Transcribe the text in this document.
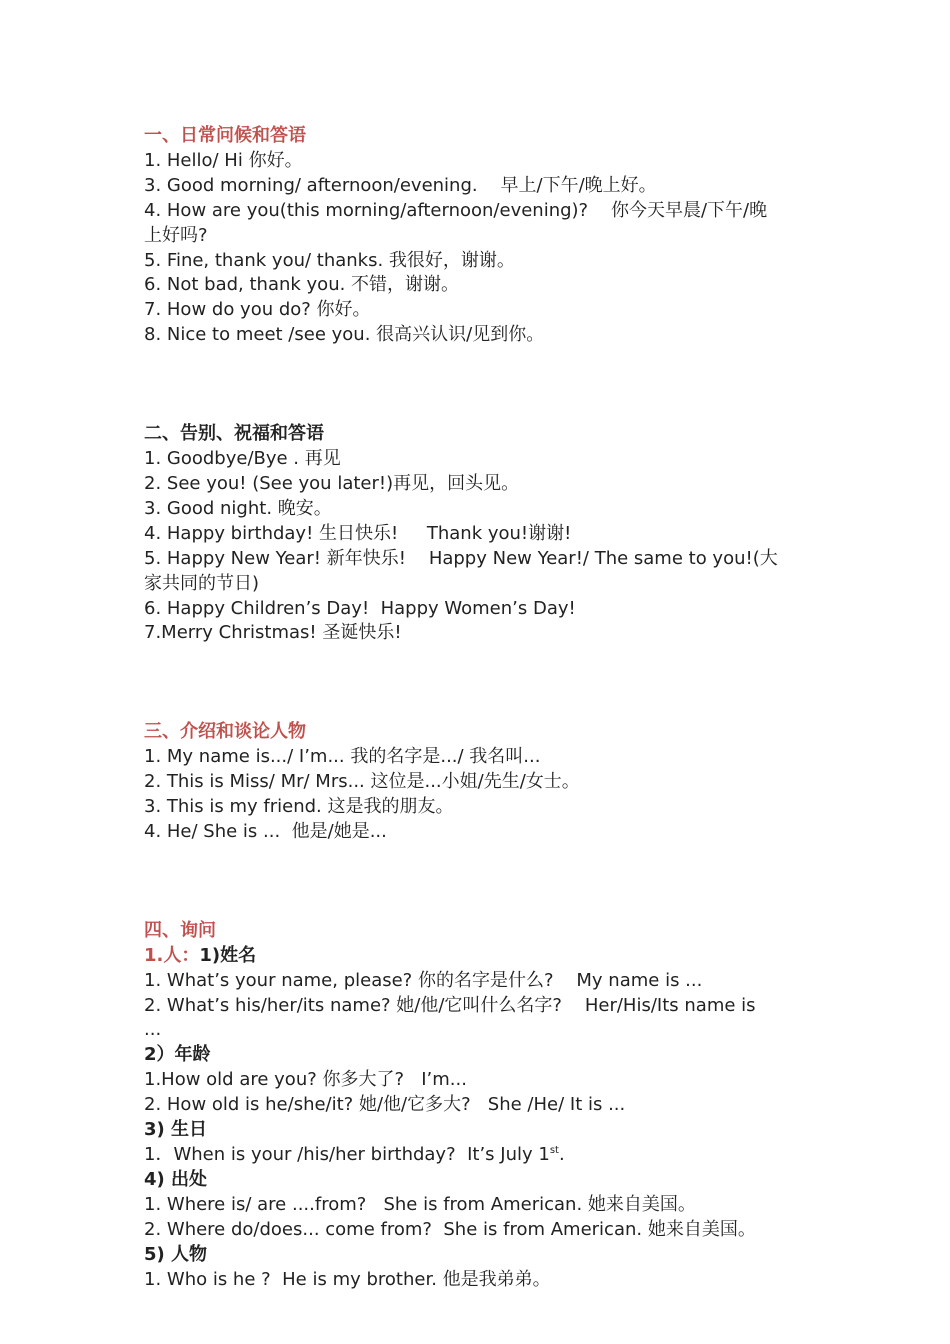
一、日常问候和答语

1. Hello/ Hi 你好。

3. Good morning/ afternoon/evening.    早上/下午/晚上好。

4. How are you(this morning/afternoon/evening)?    你今天早晨/下午/晚

上好吗?

5. Fine, thank you/ thanks. 我很好，谢谢。

6. Not bad, thank you. 不错，谢谢。

7. How do you do? 你好。

8. Nice to meet /see you. 很高兴认识/见到你。

二、告别、祝福和答语

1. Goodbye/Bye . 再见

2. See you! (See you later!)再见，回头见。

3. Good night. 晚安。

4. Happy birthday! 生日快乐!     Thank you!谢谢!

5. Happy New Year! 新年快乐!    Happy New Year!/ The same to you!(大

家共同的节日)

6. Happy Children’s Day!  Happy Women’s Day!

7.Merry Christmas! 圣诞快乐!

三、介绍和谈论人物

1. My name is.../ I’m... 我的名字是.../ 我名叫...

2. This is Miss/ Mr/ Mrs... 这位是...小姐/先生/女士。

3. This is my friend. 这是我的朋友。

4. He/ She is ...  他是/她是...

四、询问

1.人：1)姓名

1. What’s your name, please? 你的名字是什么?    My name is ...

2. What’s his/her/its name? 她/他/它叫什么名字?    Her/His/Its name is

...

2）年龄

1.How old are you? 你多大了?   I’m...

2. How old is he/she/it? 她/他/它多大?   She /He/ It is ...

3) 生日

1．When is your /his/her birthday?  It’s July 1st.

4) 出处

1. Where is/ are ....from?   She is from American. 她来自美国。

2. Where do/does... come from?  She is from American. 她来自美国。

5) 人物

1. Who is he ?  He is my brother. 他是我弟弟。
